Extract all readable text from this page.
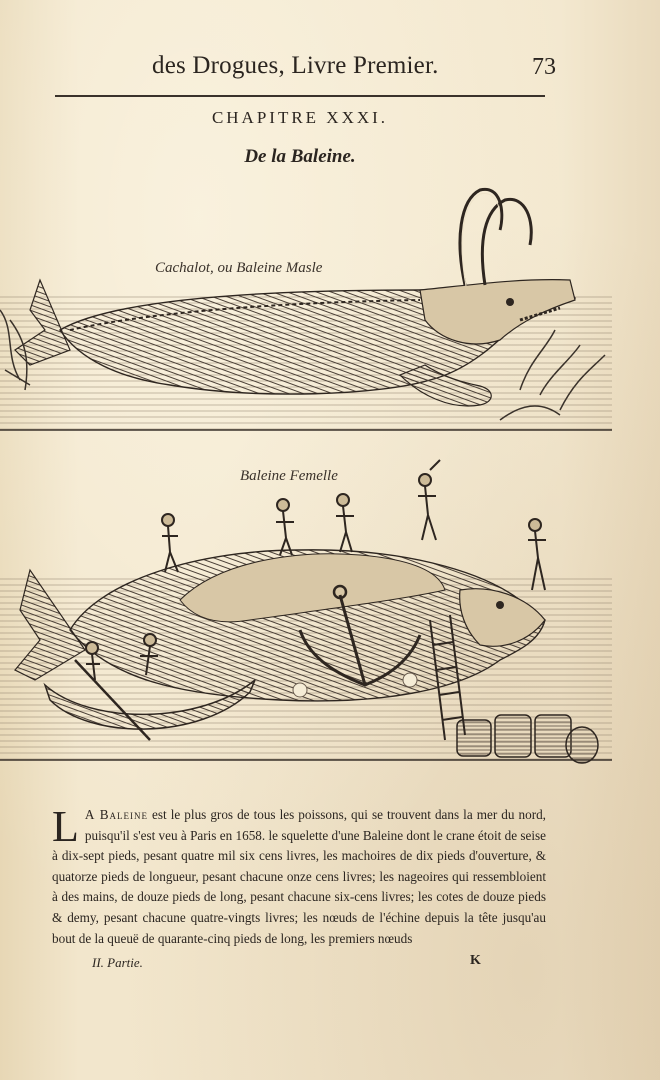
des Drogues, Livre Premier.	73
CHAPITRE XXXI.
De la Baleine.
Cachalot, ou Baleine Masle
Baleine Femelle
L A Baleine est le plus gros de tous les poissons, qui se trouvent dans la mer du nord, puisqu'il s'est veu à Paris en 1658. le squelette d'une Baleine dont le crane étoit de seise à dix-sept pieds, pesant quatre mil six cens livres, les machoires de dix pieds d'ouverture, & quatorze pieds de longueur, pesant chacune onze cens livres; les nageoires qui ressembloient à des mains, de douze pieds de long, pesant chacune six-cens livres; les cotes de douze pieds & demy, pesant chacune quatre-vingts livres; les nœuds de l'échine depuis la tête jusqu'au bout de la queuë de quarante-cinq pieds de long, les premiers nœuds
II. Partie.	K
